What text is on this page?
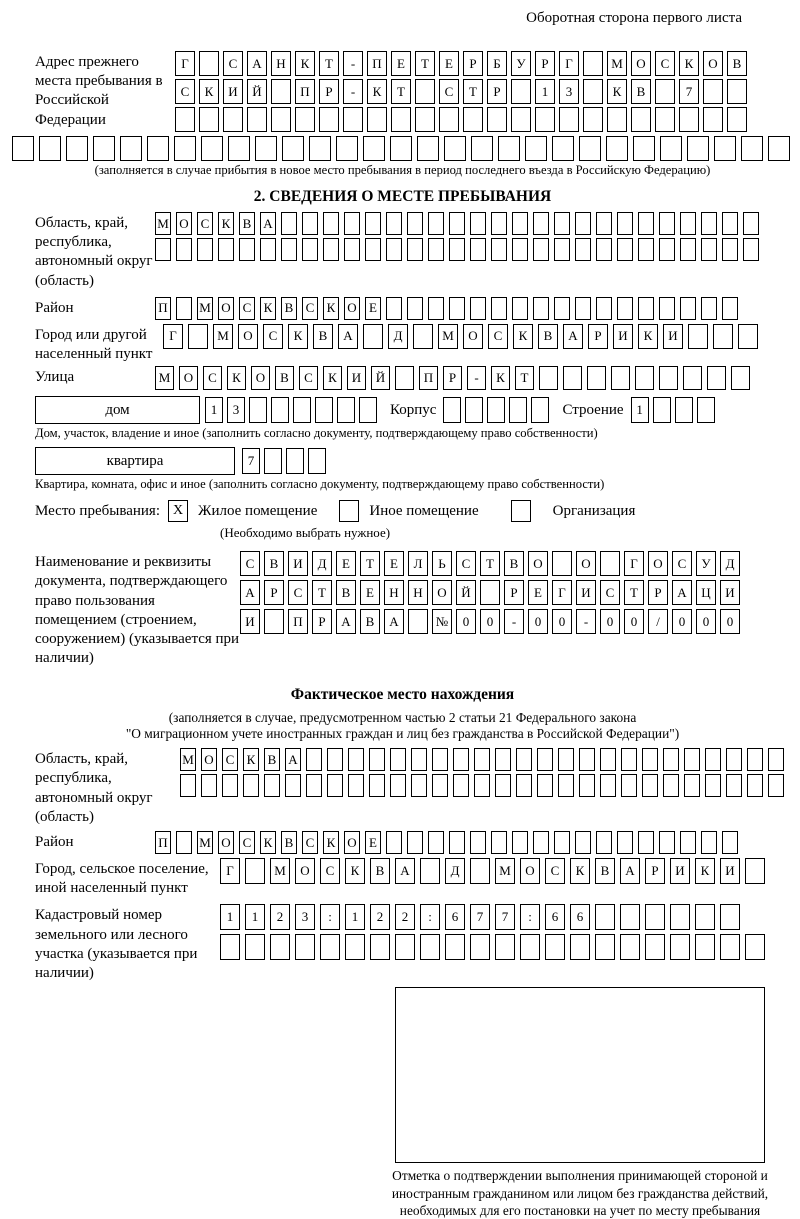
Оборотная сторона первого листа
Адрес прежнего места пребывания в Российской Федерации
Г	С	А	Н	К	Т	-	П	Е	Т	Е	Р	Б	У	Р	Г	М	О	С	К	О	В
С	К	И	Й	П	Р	-	К	Т	С	Т	Р	1	3	К	В	7
(заполняется в случае прибытия в новое место пребывания в период последнего въезда в Российскую Федерацию)
2. СВЕДЕНИЯ О МЕСТЕ ПРЕБЫВАНИЯ
Область, край, республика, автономный округ (область)
М О С К В А
Район	П М О С К В С К О Е
Город или другой населенный пункт
Г	М	О	С	К	В	А	Д	М	О	С	К	В	А	Р	И	К	И
Улица	М	О	С	К	О	В	С	К	И	Й	П	Р	-	К	Т
дом	1	3	Корпус	Строение 1
Дом, участок, владение и иное (заполнить согласно документу, подтверждающему право собственности)
квартира	7
Квартира, комната, офис и иное (заполнить согласно документу, подтверждающему право собственности)
Место пребывания: X Жилое помещение	Иное помещение	Организация
(Необходимо выбрать нужное)
Наименование и реквизиты документа, подтверждающего право пользования помещением (строением, сооружением) (указывается при наличии)
С	В	И	Д	Е	Т	Е	Л	Ь	С	Т	В	О	О	Г	О	С	У	Д
А	Р	С	Т	В	Е	Н	Н	О	Й	Р	Е	Г	И	С	Т	Р	А	Ц	И
И	П	Р	А	В	А	№	0	0	-	0	0	-	0	0	/	0	0	0
Фактическое место нахождения
(заполняется в случае, предусмотренном частью 2 статьи 21 Федерального закона
"О миграционном учете иностранных граждан и лиц без гражданства в Российской Федерации")
Область, край, республика, автономный округ (область)
М О С К В А
Район	П М О С К В С К О Е
Город, сельское поселение, иной населенный пункт
Г	М	О	С	К	В	А	Д	М	О	С	К	В	А	Р	И	К	И
Кадастровый номер земельного или лесного участка (указывается при наличии)
1	1	2	3	:	1	2	2	:	6	7	7	:	6	6
Отметка о подтверждении выполнения принимающей стороной и иностранным гражданином или лицом без гражданства действий, необходимых для его постановки на учет по месту пребывания
